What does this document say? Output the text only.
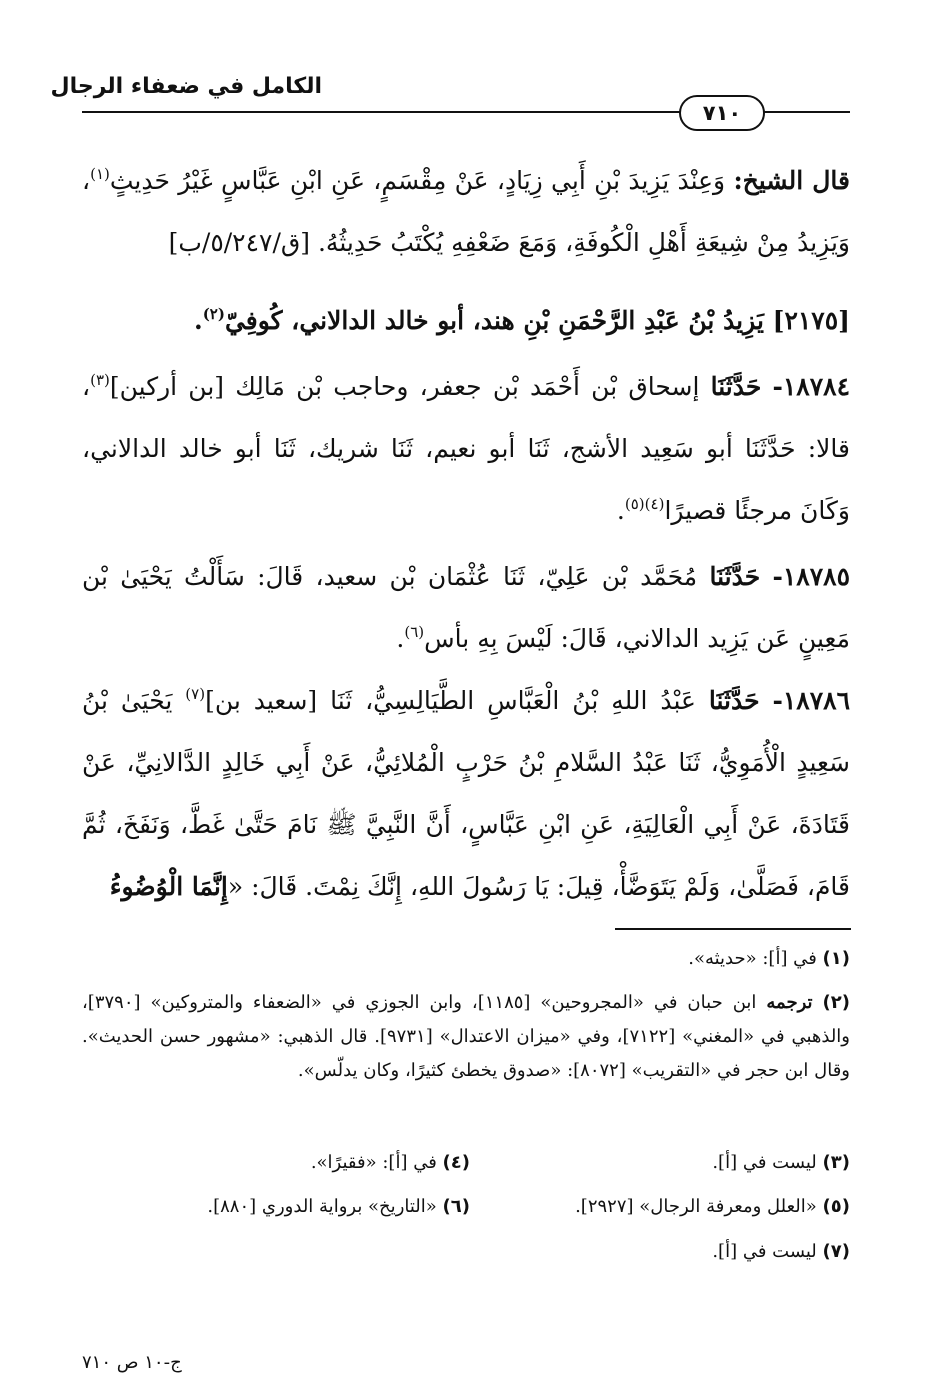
الكامل في ضعفاء الرجال
٧١٠
قال الشيخ: وَعِنْدَ يَزِيدَ بْنِ أَبِي زِيَادٍ، عَنْ مِقْسَمٍ، عَنِ ابْنِ عَبَّاسٍ غَيْرُ حَدِيثٍ$^{(١)}$، وَيَزِيدُ مِنْ شِيعَةِ أَهْلِ الْكُوفَةِ، وَمَعَ ضَعْفِهِ يُكْتَبُ حَدِيثُهُ. [ق/٥/٢٤٧/ب]
[٢١٧٥] يَزِيدُ بْنُ عَبْدِ الرَّحْمَنِ بْنِ هند، أبو خالد الدالاني، كُوفِيّ$^{(٢)}$.
١٨٧٨٤- حَدَّثَنَا إسحاق بْن أَحْمَد بْن جعفر، وحاجب بْن مَالِك [بن أركين]$^{(٣)}$، قالا: حَدَّثَنَا أبو سَعِيد الأشج، ثَنَا أبو نعيم، ثَنَا شريك، ثَنَا أبو خالد الدالاني، وَكَانَ مرجئًا قصيرًا$^{(٤)(٥)}$.
١٨٧٨٥- حَدَّثَنَا مُحَمَّد بْن عَلِيّ، ثَنَا عُثْمَان بْن سعيد، قَالَ: سَأَلْتُ يَحْيَىٰ بْن مَعِينٍ عَن يَزِيد الدالاني، قَالَ: لَيْسَ بِهِ بأس$^{(٦)}$.
١٨٧٨٦- حَدَّثَنَا عَبْدُ اللهِ بْنُ الْعَبَّاسِ الطَّيَالِسِيُّ، ثَنَا [سعيد بن]$^{(٧)}$ يَحْيَىٰ بْنُ سَعِيدٍ الْأُمَوِيُّ، ثَنَا عَبْدُ السَّلامِ بْنُ حَرْبٍ الْمُلائِيُّ، عَنْ أَبِي خَالِدٍ الدَّالانِيِّ، عَنْ قَتَادَةَ، عَنْ أَبِي الْعَالِيَةِ، عَنِ ابْنِ عَبَّاسٍ، أَنَّ النَّبِيَّ ﷺ نَامَ حَتَّىٰ غَطَّ، وَنَفَخَ، ثُمَّ قَامَ، فَصَلَّىٰ، وَلَمْ يَتَوَضَّأْ، قِيلَ: يَا رَسُولَ اللهِ، إِنَّكَ نِمْتَ. قَالَ: «إِنَّمَا الْوُضُوءُ
(١) في [أ]: «حديثه».
(٢) ترجمه ابن حبان في «المجروحين» [١١٨٥]، وابن الجوزي في «الضعفاء والمتروكين» [٣٧٩٠]، والذهبي في «المغني» [٧١٢٢]، وفي «ميزان الاعتدال» [٩٧٣١]. قال الذهبي: «مشهور حسن الحديث». وقال ابن حجر في «التقريب» [٨٠٧٢]: «صدوق يخطئ كثيرًا، وكان يدلّس».
(٣) ليست في [أ].
(٤) في [أ]: «فقيرًا».
(٥) «العلل ومعرفة الرجال» [٢٩٢٧].
(٦) «التاريخ» برواية الدوري [٨٨٠].
(٧) ليست في [أ].
ج-١٠ ص ٧١٠
